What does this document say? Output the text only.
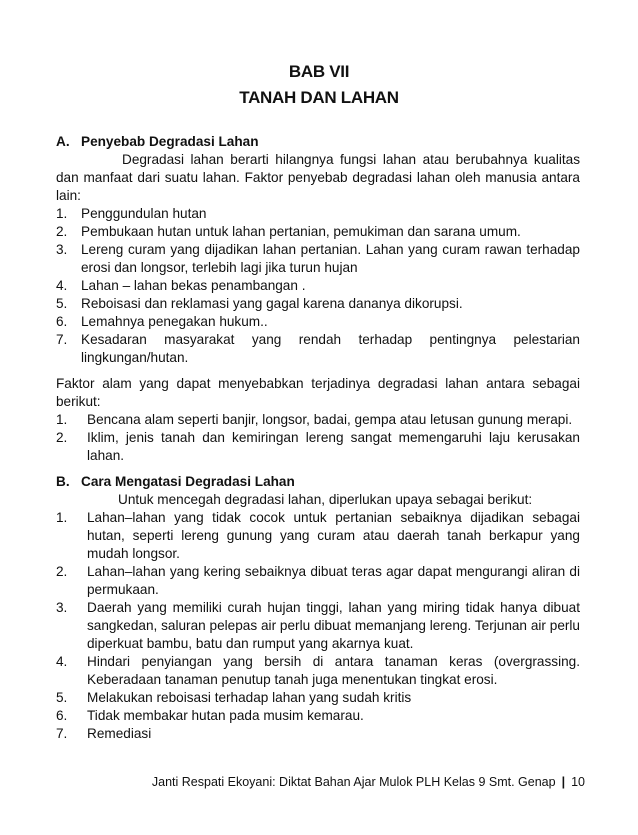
BAB VII
TANAH DAN LAHAN
A. Penyebab Degradasi Lahan
Degradasi lahan berarti hilangnya fungsi lahan atau berubahnya kualitas dan manfaat dari suatu lahan. Faktor penyebab degradasi lahan oleh manusia antara lain:
1. Penggundulan hutan
2. Pembukaan hutan untuk lahan pertanian, pemukiman dan sarana umum.
3. Lereng curam yang dijadikan lahan pertanian. Lahan yang curam rawan terhadap erosi dan longsor, terlebih lagi jika turun hujan
4. Lahan – lahan bekas penambangan .
5. Reboisasi dan reklamasi yang gagal karena dananya dikorupsi.
6. Lemahnya penegakan hukum..
7. Kesadaran masyarakat yang rendah terhadap pentingnya pelestarian lingkungan/hutan.
Faktor alam yang dapat menyebabkan terjadinya degradasi lahan antara sebagai berikut:
1. Bencana alam seperti banjir, longsor, badai, gempa atau letusan gunung merapi.
2. Iklim, jenis tanah dan kemiringan lereng sangat memengaruhi laju kerusakan lahan.
B. Cara Mengatasi Degradasi Lahan
Untuk mencegah degradasi lahan, diperlukan upaya sebagai berikut:
1. Lahan–lahan yang tidak cocok untuk pertanian sebaiknya dijadikan sebagai hutan, seperti lereng gunung yang curam atau daerah tanah berkapur yang mudah longsor.
2. Lahan–lahan yang kering sebaiknya dibuat teras agar dapat mengurangi aliran di permukaan.
3. Daerah yang memiliki curah hujan tinggi, lahan yang miring tidak hanya dibuat sangkedan, saluran pelepas air perlu dibuat memanjang lereng. Terjunan air perlu diperkuat bambu, batu dan rumput yang akarnya kuat.
4. Hindari penyiangan yang bersih di antara tanaman keras (overgrassing. Keberadaan tanaman penutup tanah juga menentukan tingkat erosi.
5. Melakukan reboisasi terhadap lahan yang sudah kritis
6. Tidak membakar hutan pada musim kemarau.
7. Remediasi
Janti Respati Ekoyani: Diktat Bahan Ajar Mulok PLH Kelas 9 Smt. Genap | 10
